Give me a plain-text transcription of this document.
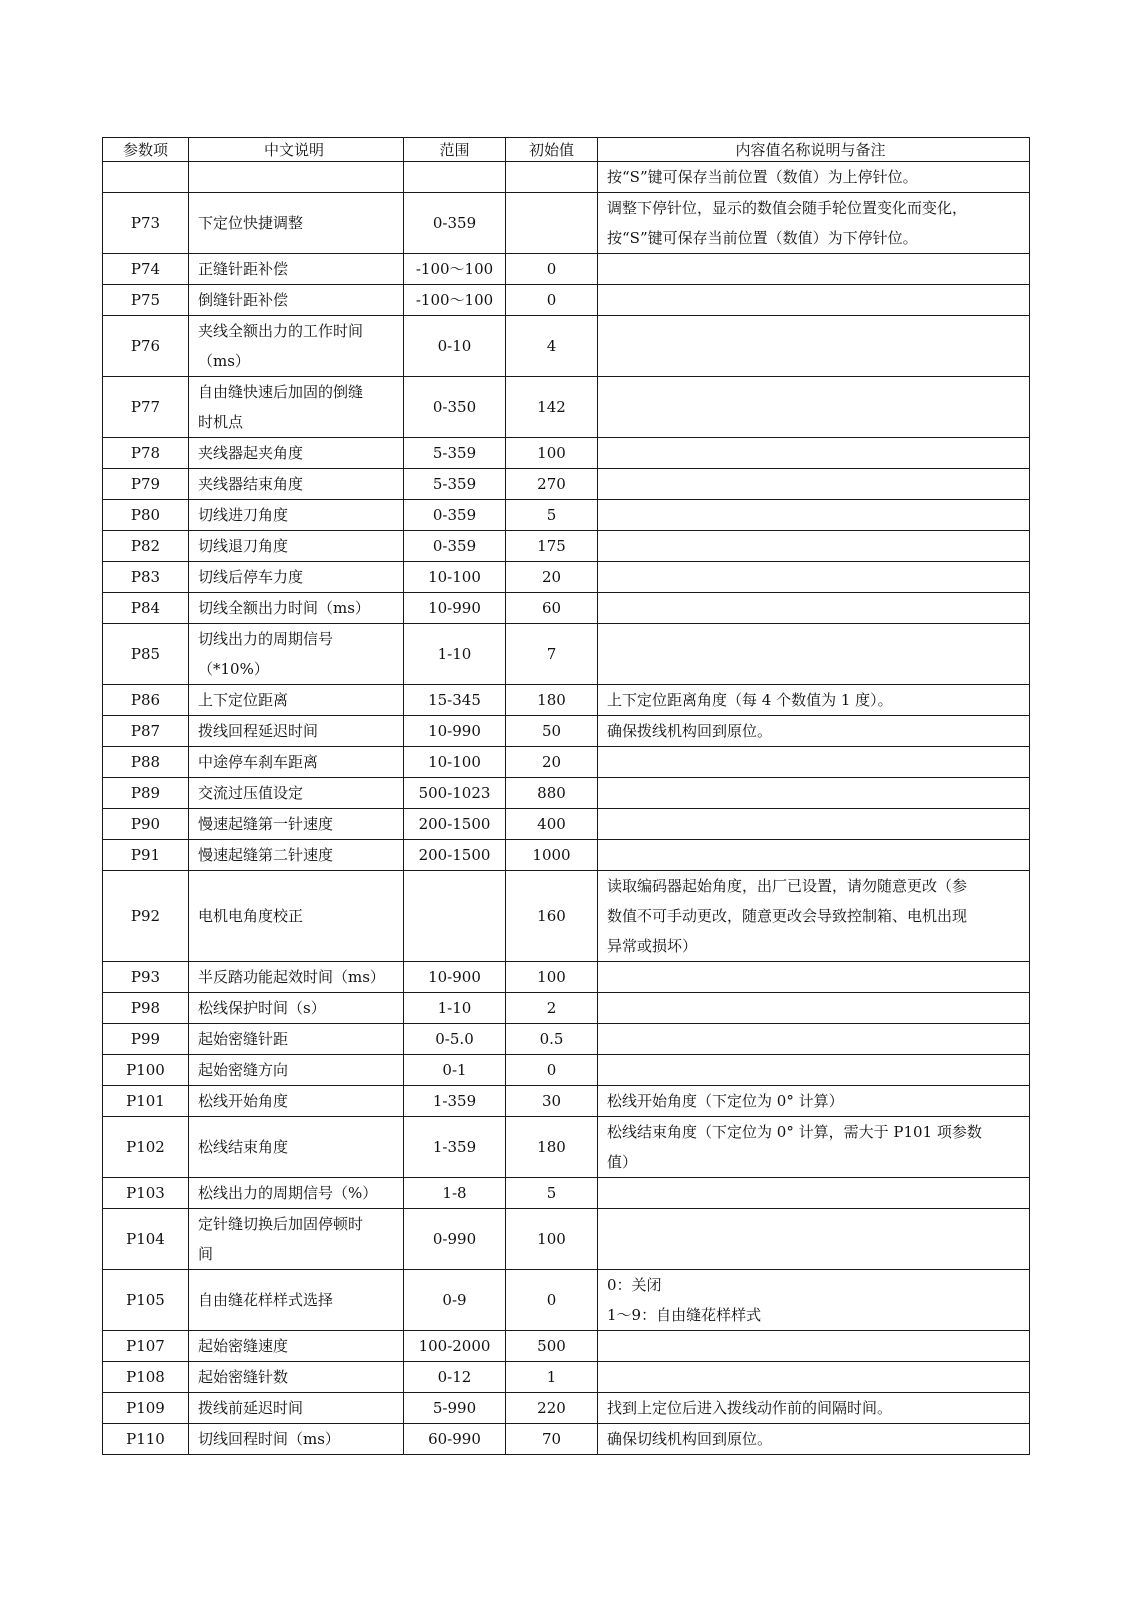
参数项	中文说明	范围	初始值	内容值名称说明与备注

				按“S”键可保存当前位置（数值）为上停针位。

P73	下定位快捷调整	0-359		调整下停针位，显示的数值会随手轮位置变化而变化，
按“S”键可保存当前位置（数值）为下停针位。

P74	正缝针距补偿	-100～100	0	
P75	倒缝针距补偿	-100～100	0	
P76	夹线全额出力的工作时间
（ms）	0-10	4	
P77	自由缝快速后加固的倒缝
时机点	0-350	142	
P78	夹线器起夹角度	5-359	100	
P79	夹线器结束角度	5-359	270	
P80	切线进刀角度	0-359	5	
P82	切线退刀角度	0-359	175	
P83	切线后停车力度	10-100	20	
P84	切线全额出力时间（ms）	10-990	60	
P85	切线出力的周期信号
（*10%）	1-10	7	
P86	上下定位距离	15-345	180	上下定位距离角度（每 4 个数值为 1 度）。

P87	拨线回程延迟时间	10-990	50	确保拨线机构回到原位。

P88	中途停车刹车距离	10-100	20	
P89	交流过压值设定	500-1023	880	
P90	慢速起缝第一针速度	200-1500	400	
P91	慢速起缝第二针速度	200-1500	1000	
P92	电机电角度校正		160	读取编码器起始角度，出厂已设置，请勿随意更改（参
数值不可手动更改，随意更改会导致控制箱、电机出现
异常或损坏）

P93	半反踏功能起效时间（ms）	10-900	100	
P98	松线保护时间（s）	1-10	2	
P99	起始密缝针距	0-5.0	0.5	
P100	起始密缝方向	0-1	0	
P101	松线开始角度	1-359	30	松线开始角度（下定位为 0° 计算）

P102	松线结束角度	1-359	180	松线结束角度（下定位为 0° 计算，需大于 P101 项参数
值）

P103	松线出力的周期信号（%）	1-8	5	
P104	定针缝切换后加固停顿时
间	0-990	100	
P105	自由缝花样样式选择	0-9	0	0：关闭
1～9：自由缝花样样式

P107	起始密缝速度	100-2000	500	
P108	起始密缝针数	0-12	1	
P109	拨线前延迟时间	5-990	220	找到上定位后进入拨线动作前的间隔时间。

P110	切线回程时间（ms）	60-990	70	确保切线机构回到原位。
